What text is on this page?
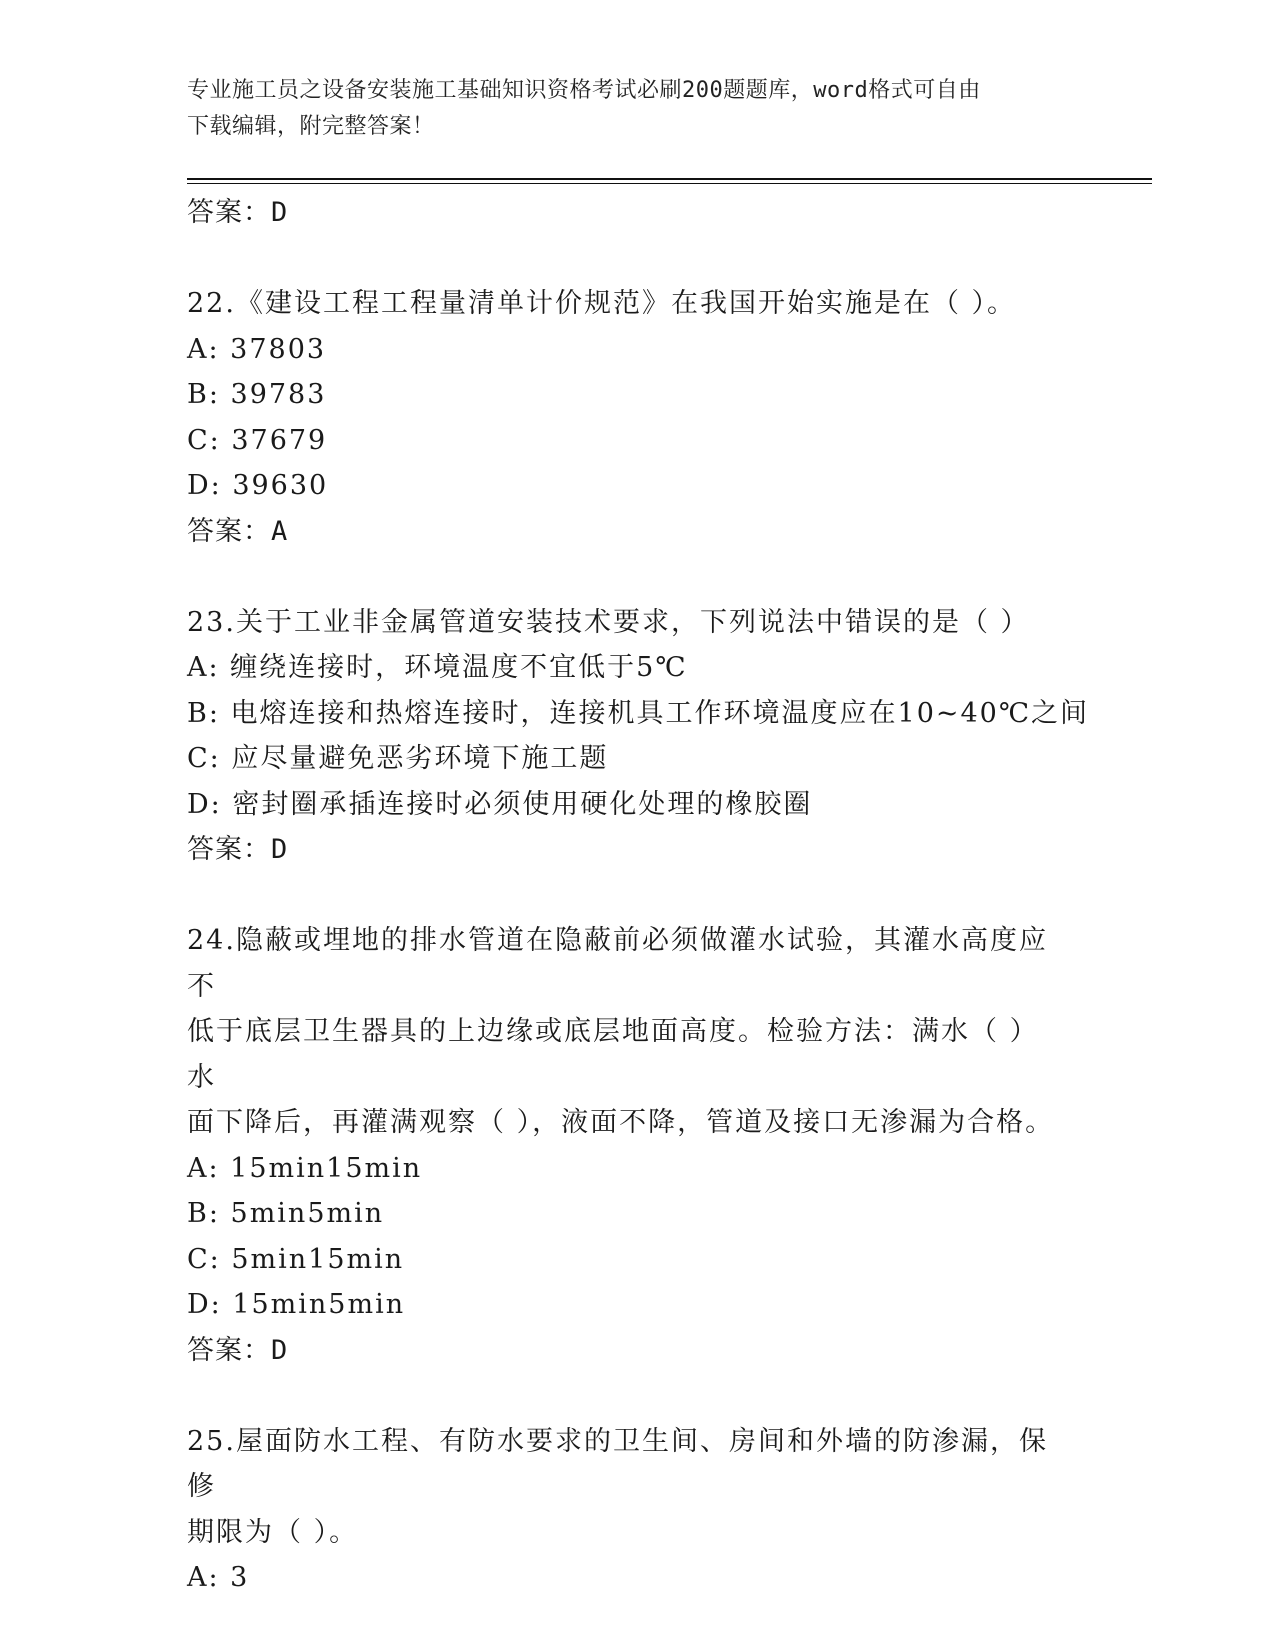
专业施工员之设备安装施工基础知识资格考试必刷200题题库，word格式可自由
下载编辑，附完整答案！
答案：D
22.《建设工程工程量清单计价规范》在我国开始实施是在（ ）。
A: 37803
B: 39783
C: 37679
D: 39630
答案：A
23.关于工业非金属管道安装技术要求，下列说法中错误的是（ ）
A: 缠绕连接时，环境温度不宜低于5℃
B: 电熔连接和热熔连接时，连接机具工作环境温度应在10~40℃之间
C: 应尽量避免恶劣环境下施工题
D: 密封圈承插连接时必须使用硬化处理的橡胶圈
答案：D
24.隐蔽或埋地的排水管道在隐蔽前必须做灌水试验，其灌水高度应不
低于底层卫生器具的上边缘或底层地面高度。检验方法：满水（ ）水
面下降后，再灌满观察（ ），液面不降，管道及接口无渗漏为合格。
A: 15min15min
B: 5min5min
C: 5min15min
D: 15min5min
答案：D
25.屋面防水工程、有防水要求的卫生间、房间和外墙的防渗漏，保修
期限为（ ）。
A: 3
